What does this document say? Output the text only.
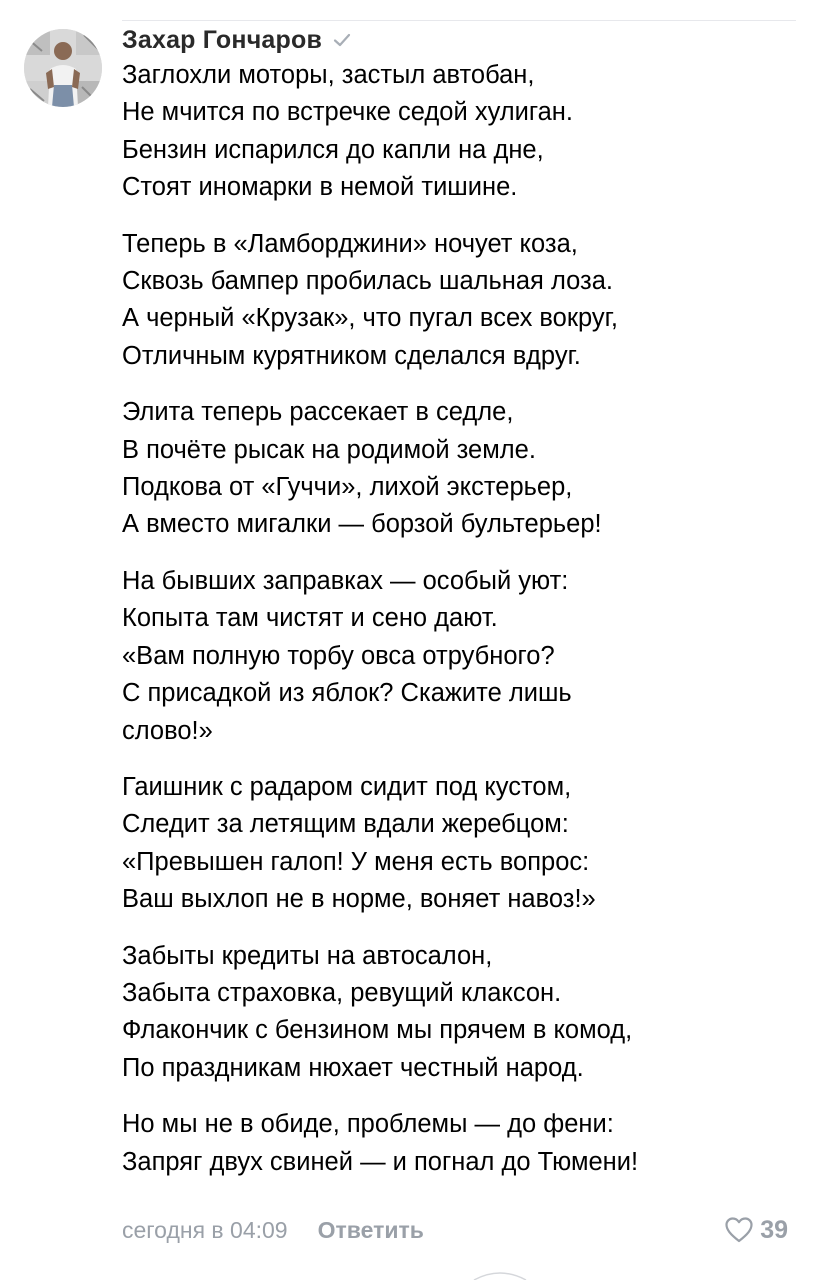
Захар Гончаров
Заглохли моторы, застыл автобан,
Не мчится по встречке седой хулиган.
Бензин испарился до капли на дне,
Стоят иномарки в немой тишине.
Теперь в «Ламборджини» ночует коза,
Сквозь бампер пробилась шальная лоза.
А черный «Крузак», что пугал всех вокруг,
Отличным курятником сделался вдруг.
Элита теперь рассекает в седле,
В почёте рысак на родимой земле.
Подкова от «Гуччи», лихой экстерьер,
А вместо мигалки — борзой бультерьер!
На бывших заправках — особый уют:
Копыта там чистят и сено дают.
«Вам полную торбу овса отрубного?
С присадкой из яблок? Скажите лишь
слово!»
Гаишник с радаром сидит под кустом,
Следит за летящим вдали жеребцом:
«Превышен галоп! У меня есть вопрос:
Ваш выхлоп не в норме, воняет навоз!»
Забыты кредиты на автосалон,
Забыта страховка, ревущий клаксон.
Флакончик с бензином мы прячем в комод,
По праздникам нюхает честный народ.
Но мы не в обиде, проблемы — до фени:
Запряг двух свиней — и погнал до Тюмени!
сегодня в 04:09 Ответить	39
